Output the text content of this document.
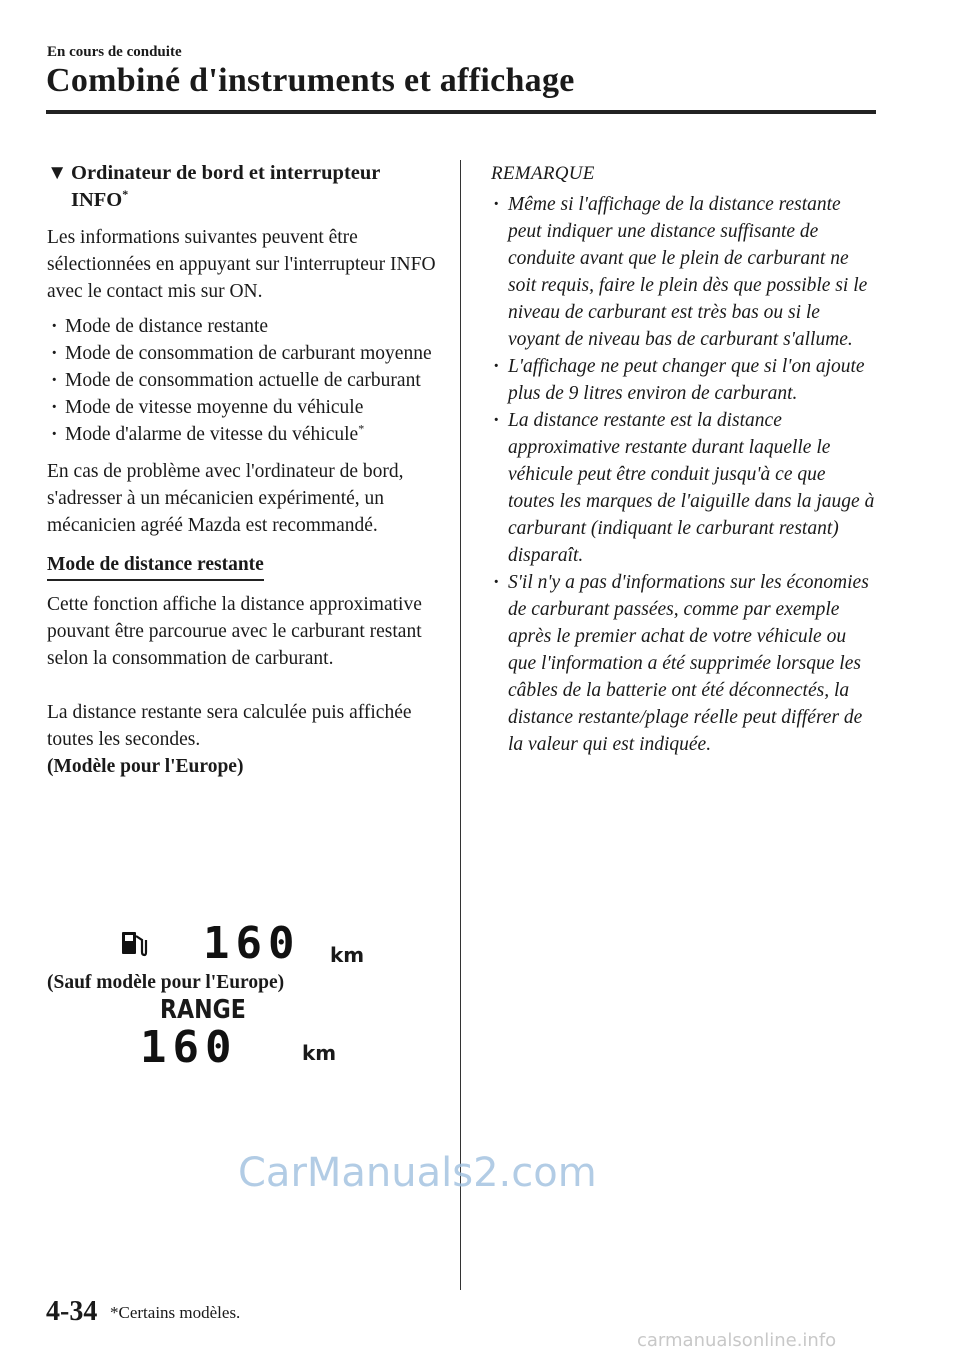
En cours de conduite
Combiné d'instruments et affichage
▼ Ordinateur de bord et interrupteur
INFO*

Les informations suivantes peuvent être sélectionnées en appuyant sur l'interrupteur INFO avec le contact mis sur ON.

· Mode de distance restante
· Mode de consommation de carburant moyenne
· Mode de consommation actuelle de carburant
· Mode de vitesse moyenne du véhicule
· Mode d'alarme de vitesse du véhicule*

En cas de problème avec l'ordinateur de bord, s'adresser à un mécanicien expérimenté, un mécanicien agréé Mazda est recommandé.

Mode de distance restante

Cette fonction affiche la distance approximative pouvant être parcourue avec le carburant restant selon la consommation de carburant.

La distance restante sera calculée puis affichée toutes les secondes.

(Modèle pour l'Europe)
160 km
(Sauf modèle pour l'Europe)
RANGE
160	km
REMARQUE
· Même si l'affichage de la distance restante peut indiquer une distance suffisante de conduite avant que le plein de carburant ne soit requis, faire le plein dès que possible si le niveau de carburant est très bas ou si le voyant de niveau bas de carburant s'allume.
· L'affichage ne peut changer que si l'on ajoute plus de 9 litres environ de carburant.
· La distance restante est la distance approximative restante durant laquelle le véhicule peut être conduit jusqu'à ce que toutes les marques de l'aiguille dans la jauge à carburant (indiquant le carburant restant) disparaît.
· S'il n'y a pas d'informations sur les économies de carburant passées, comme par exemple après le premier achat de votre véhicule ou que l'information a été supprimée lorsque les câbles de la batterie ont été déconnectés, la distance restante/plage réelle peut différer de la valeur qui est indiquée.
CarManuals2.com
carmanualsonline.info
4-34 *Certains modèles.
